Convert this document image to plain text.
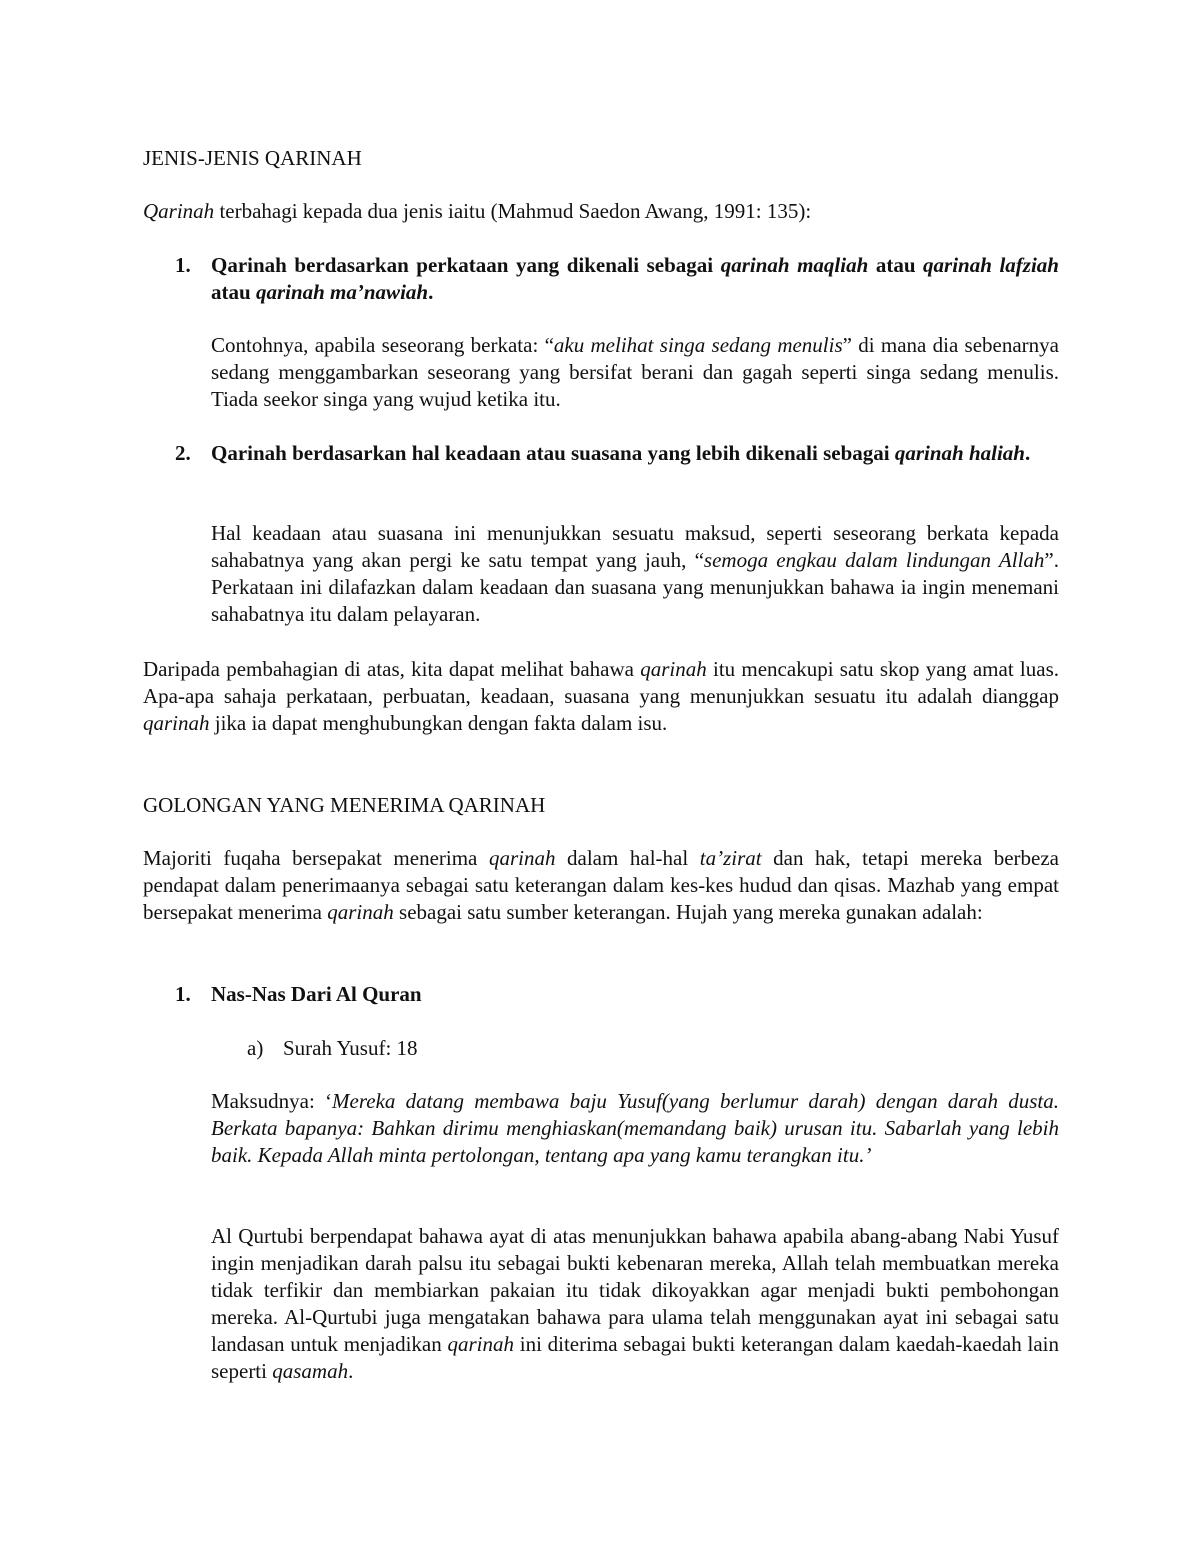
JENIS-JENIS QARINAH
Qarinah terbahagi kepada dua jenis iaitu (Mahmud Saedon Awang, 1991: 135):
1. Qarinah berdasarkan perkataan yang dikenali sebagai qarinah maqliah atau qarinah lafziah atau qarinah ma’nawiah.
Contohnya, apabila seseorang berkata: “aku melihat singa sedang menulis” di mana dia sebenarnya sedang menggambarkan seseorang yang bersifat berani dan gagah seperti singa sedang menulis. Tiada seekor singa yang wujud ketika itu.
2. Qarinah berdasarkan hal keadaan atau suasana yang lebih dikenali sebagai qarinah haliah.
Hal keadaan atau suasana ini menunjukkan sesuatu maksud, seperti seseorang berkata kepada sahabatnya yang akan pergi ke satu tempat yang jauh, “semoga engkau dalam lindungan Allah”. Perkataan ini dilafazkan dalam keadaan dan suasana yang menunjukkan bahawa ia ingin menemani sahabatnya itu dalam pelayaran.
Daripada pembahagian di atas, kita dapat melihat bahawa qarinah itu mencakupi satu skop yang amat luas. Apa-apa sahaja perkataan, perbuatan, keadaan, suasana yang menunjukkan sesuatu itu adalah dianggap qarinah jika ia dapat menghubungkan dengan fakta dalam isu.
GOLONGAN YANG MENERIMA QARINAH
Majoriti fuqaha bersepakat menerima qarinah dalam hal-hal ta’zirat dan hak, tetapi mereka berbeza pendapat dalam penerimaanya sebagai satu keterangan dalam kes-kes hudud dan qisas. Mazhab yang empat bersepakat menerima qarinah sebagai satu sumber keterangan. Hujah yang mereka gunakan adalah:
1. Nas-Nas Dari Al Quran
a) Surah Yusuf: 18
Maksudnya: ‘Mereka datang membawa baju Yusuf(yang berlumur darah) dengan darah dusta. Berkata bapanya: Bahkan dirimu menghiaskan(memandang baik) urusan itu. Sabarlah yang lebih baik. Kepada Allah minta pertolongan, tentang apa yang kamu terangkan itu.’
Al Qurtubi berpendapat bahawa ayat di atas menunjukkan bahawa apabila abang-abang Nabi Yusuf ingin menjadikan darah palsu itu sebagai bukti kebenaran mereka, Allah telah membuatkan mereka tidak terfikir dan membiarkan pakaian itu tidak dikoyakkan agar menjadi bukti pembohongan mereka. Al-Qurtubi juga mengatakan bahawa para ulama telah menggunakan ayat ini sebagai satu landasan untuk menjadikan qarinah ini diterima sebagai bukti keterangan dalam kaedah-kaedah lain seperti qasamah.
